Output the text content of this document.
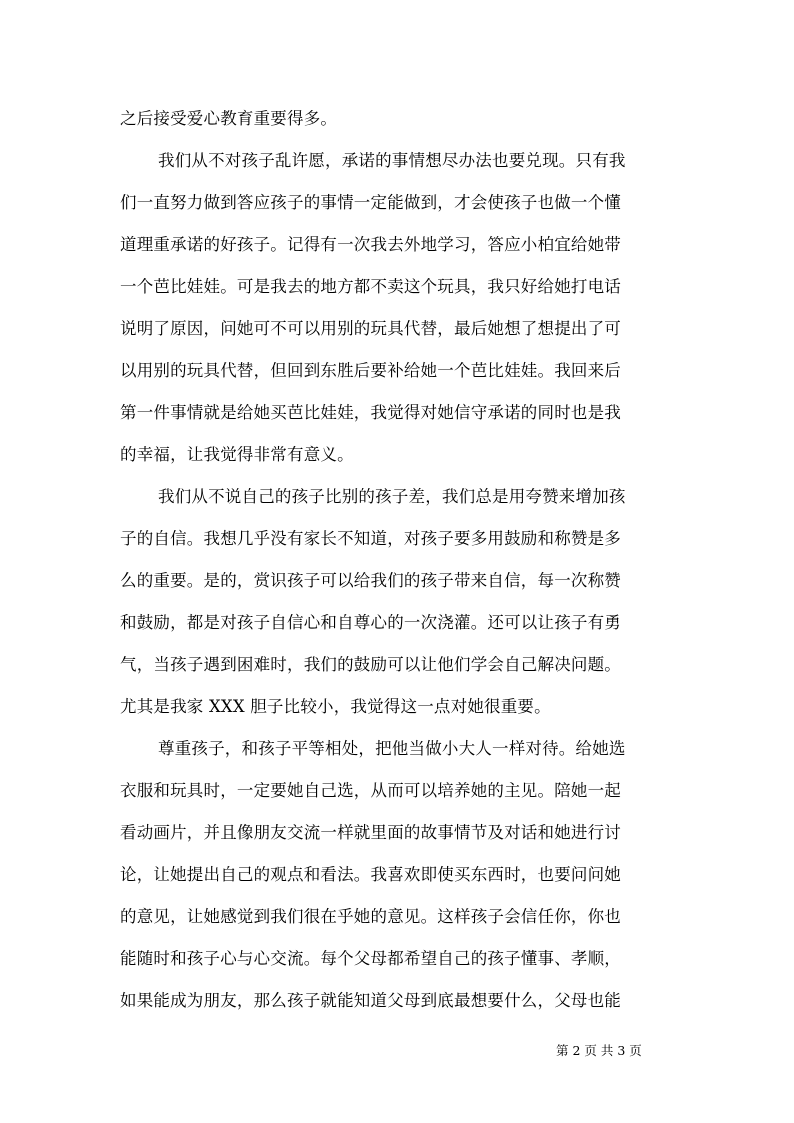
之后接受爱心教育重要得多。
我们从不对孩子乱许愿，承诺的事情想尽办法也要兑现。只有我
们一直努力做到答应孩子的事情一定能做到，才会使孩子也做一个懂
道理重承诺的好孩子。记得有一次我去外地学习，答应小柏宜给她带
一个芭比娃娃。可是我去的地方都不卖这个玩具，我只好给她打电话
说明了原因，问她可不可以用别的玩具代替，最后她想了想提出了可
以用别的玩具代替，但回到东胜后要补给她一个芭比娃娃。我回来后
第一件事情就是给她买芭比娃娃，我觉得对她信守承诺的同时也是我
的幸福，让我觉得非常有意义。
我们从不说自己的孩子比别的孩子差，我们总是用夸赞来增加孩
子的自信。我想几乎没有家长不知道，对孩子要多用鼓励和称赞是多
么的重要。是的，赏识孩子可以给我们的孩子带来自信，每一次称赞
和鼓励，都是对孩子自信心和自尊心的一次浇灌。还可以让孩子有勇
气，当孩子遇到困难时，我们的鼓励可以让他们学会自己解决问题。
尤其是我家 XXX 胆子比较小，我觉得这一点对她很重要。
尊重孩子，和孩子平等相处，把他当做小大人一样对待。给她选
衣服和玩具时，一定要她自己选，从而可以培养她的主见。陪她一起
看动画片，并且像朋友交流一样就里面的故事情节及对话和她进行讨
论，让她提出自己的观点和看法。我喜欢即使买东西时，也要问问她
的意见，让她感觉到我们很在乎她的意见。这样孩子会信任你，你也
能随时和孩子心与心交流。每个父母都希望自己的孩子懂事、孝顺，
如果能成为朋友，那么孩子就能知道父母到底最想要什么，父母也能
第 2 页 共 3 页
